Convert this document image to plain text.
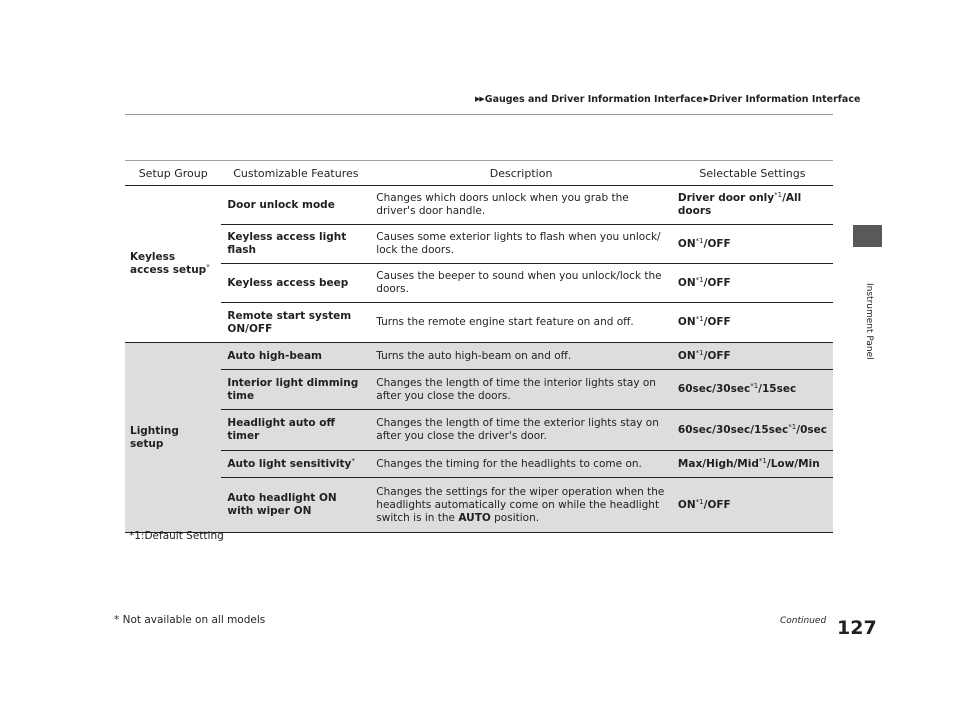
▶▶Gauges and Driver Information Interface▶Driver Information Interface
Instrument Panel
Setup Group	Customizable Features	Description	Selectable Settings
Keyless access setup*	Door unlock mode	Changes which doors unlock when you grab the driver's door handle.	Driver door only$^{*1}$/All doors
	Keyless access light flash	Causes some exterior lights to flash when you unlock/ lock the doors.	ON$^{*1}$/OFF
	Keyless access beep	Causes the beeper to sound when you unlock/lock the doors.	ON$^{*1}$/OFF
	Remote start system ON/OFF	Turns the remote engine start feature on and off.	ON$^{*1}$/OFF
Lighting setup	Auto high-beam	Turns the auto high-beam on and off.	ON$^{*1}$/OFF
	Interior light dimming time	Changes the length of time the interior lights stay on after you close the doors.	$60\sec/30\sec^{*1}/15\sec$
	Headlight auto off timer	Changes the length of time the exterior lights stay on after you close the driver's door.	$60\sec/30\sec/15\sec^{*1}/0\sec$
	Auto light sensitivity*	Changes the timing for the headlights to come on.	Max/High/Mid$^{*1}$/Low/Min
	Auto headlight ON with wiper ON	Changes the settings for the wiper operation when the headlights automatically come on while the headlight switch is in the AUTO position.	ON$^{*1}$/OFF
*1:Default Setting
* Not available on all models	Continued 127
